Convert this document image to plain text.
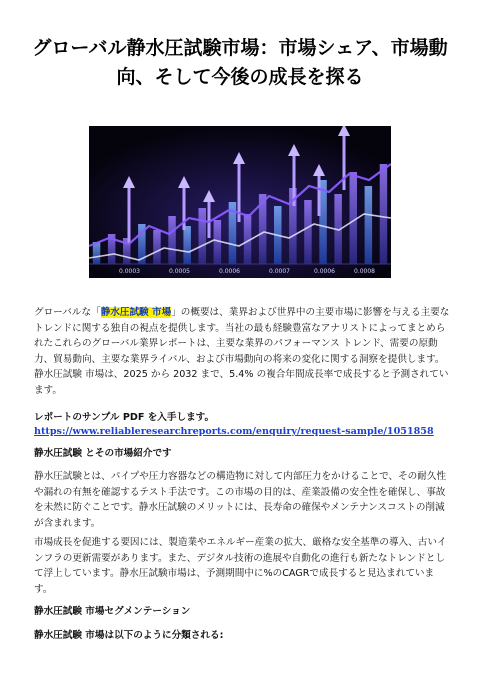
グローバル静水圧試験市場：市場シェア、市場動向、そして今後の成長を探る
0.0003	0.0005	0.0006	0.0007	0.0006	0.0008

グローバルな「静水圧試験 市場」の概要は、業界および世界中の主要市場に影響を与える主要なトレンドに関する独自の視点を提供します。当社の最も経験豊富なアナリストによってまとめられたこれらのグローバル業界レポートは、主要な業界のパフォーマンス トレンド、需要の原動力、貿易動向、主要な業界ライバル、および市場動向の将来の変化に関する洞察を提供します。静水圧試験 市場は、2025 から 2032 まで、5.4% の複合年間成長率で成長すると予測されています。

レポートのサンプル PDF を入手します。

https://www.reliableresearchreports.com/enquiry/request-sample/1051858

静水圧試験 とその市場紹介です

静水圧試験とは、パイプや圧力容器などの構造物に対して内部圧力をかけることで、その耐久性や漏れの有無を確認するテスト手法です。この市場の目的は、産業設備の安全性を確保し、事故を未然に防ぐことです。静水圧試験のメリットには、長寿命の確保やメンテナンスコストの削減が含まれます。

市場成長を促進する要因には、製造業やエネルギー産業の拡大、厳格な安全基準の導入、古いインフラの更新需要があります。また、デジタル技術の進展や自動化の進行も新たなトレンドとして浮上しています。静水圧試験市場は、予測期間中に%のCAGRで成長すると見込まれています。

静水圧試験 市場セグメンテーション

静水圧試験 市場は以下のように分類される:
